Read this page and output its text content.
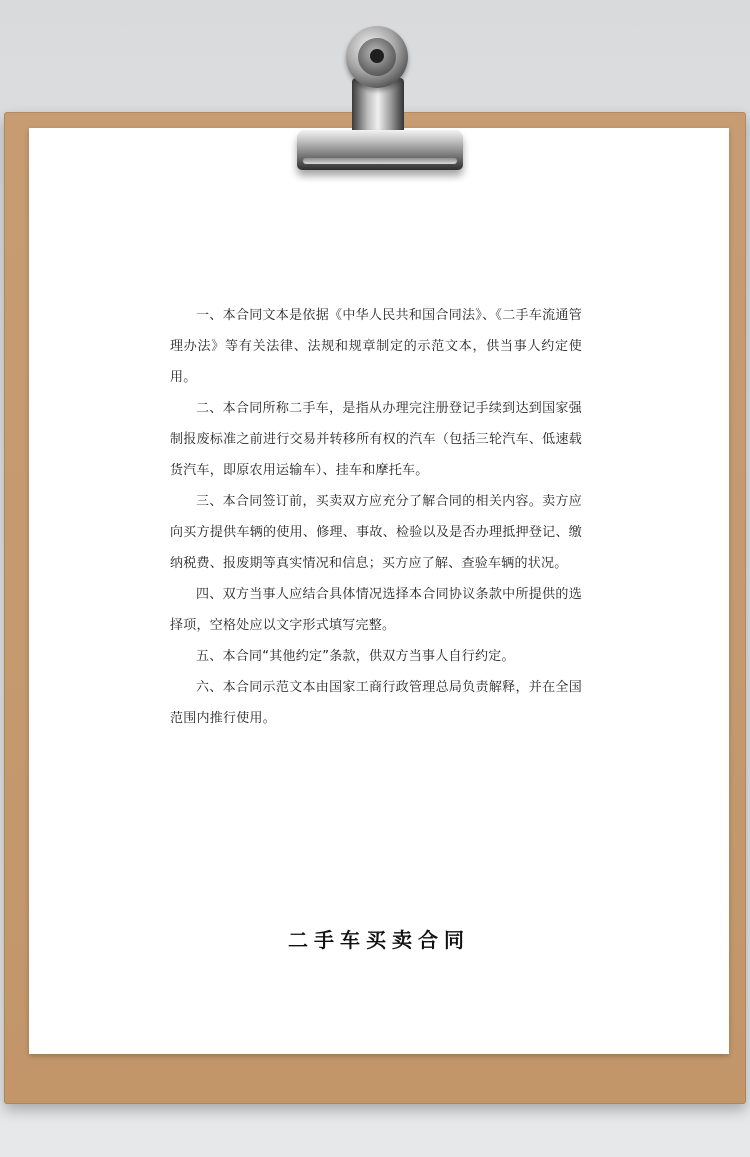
一、本合同文本是依据《中华人民共和国合同法》、《二手车流通管理办法》等有关法律、法规和规章制定的示范文本，供当事人约定使用。

二、本合同所称二手车，是指从办理完注册登记手续到达到国家强制报废标准之前进行交易并转移所有权的汽车（包括三轮汽车、低速载货汽车，即原农用运输车）、挂车和摩托车。

三、本合同签订前，买卖双方应充分了解合同的相关内容。卖方应向买方提供车辆的使用、修理、事故、检验以及是否办理抵押登记、缴纳税费、报废期等真实情况和信息；买方应了解、查验车辆的状况。

四、双方当事人应结合具体情况选择本合同协议条款中所提供的选择项，空格处应以文字形式填写完整。

五、本合同“其他约定”条款，供双方当事人自行约定。

六、本合同示范文本由国家工商行政管理总局负责解释，并在全国范围内推行使用。

二手车买卖合同
